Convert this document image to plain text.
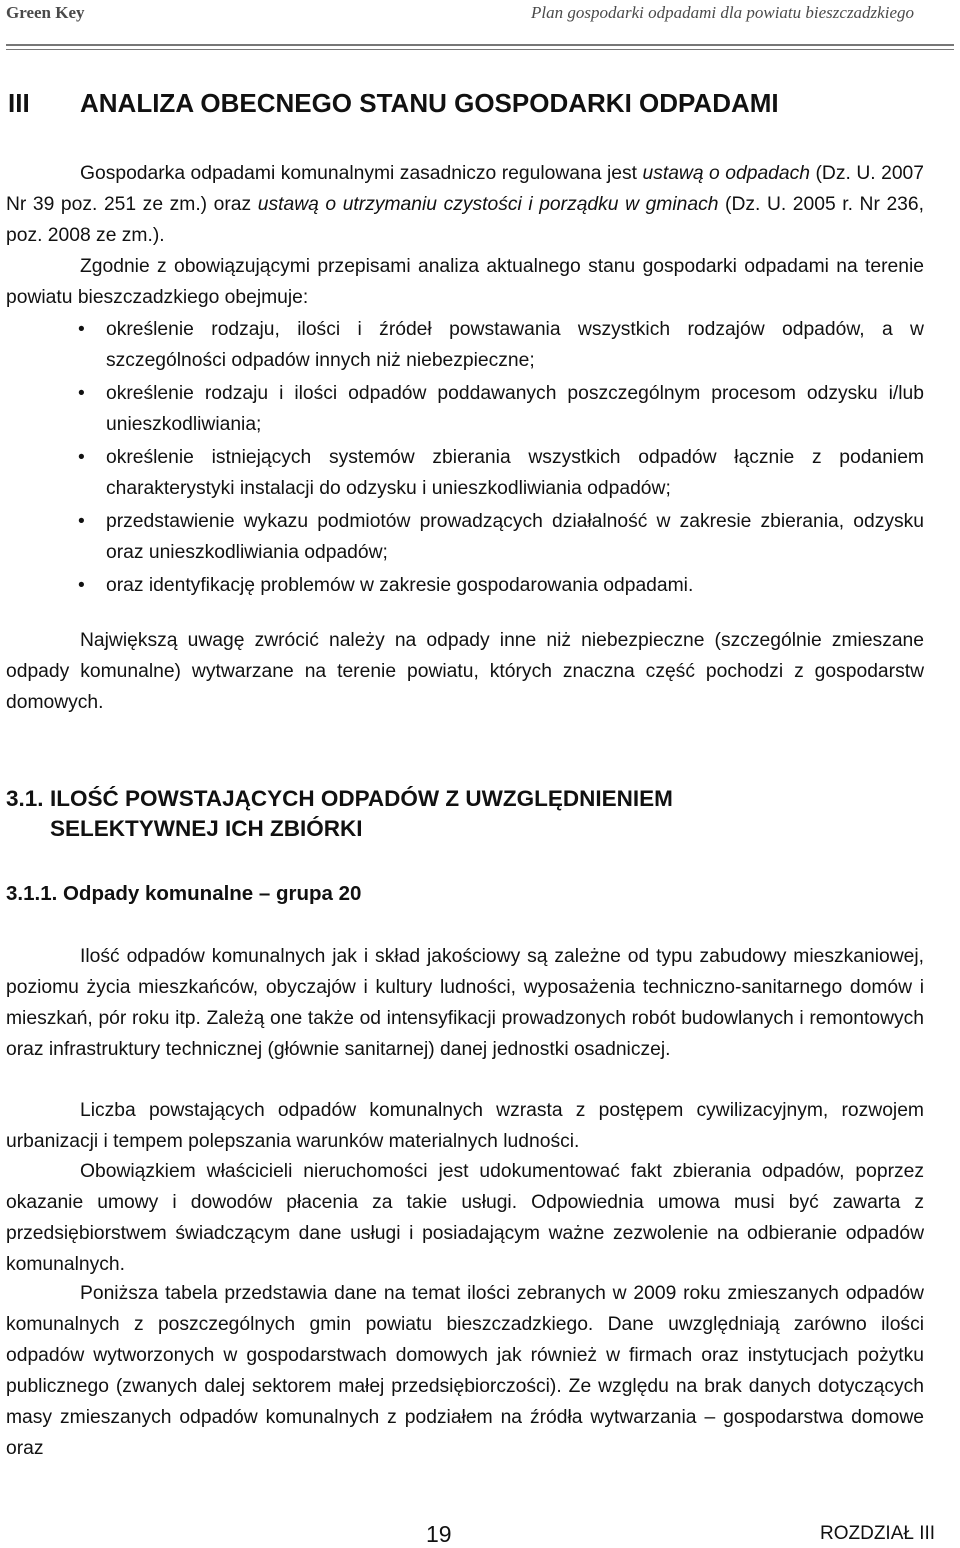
Green Key	Plan gospodarki odpadami dla powiatu bieszczadzkiego
III ANALIZA OBECNEGO STANU GOSPODARKI ODPADAMI

Gospodarka odpadami komunalnymi zasadniczo regulowana jest ustawą o odpadach (Dz. U. 2007 Nr 39 poz. 251 ze zm.) oraz ustawą o utrzymaniu czystości i porządku w gminach (Dz. U. 2005 r. Nr 236, poz. 2008 ze zm.).

Zgodnie z obowiązującymi przepisami analiza aktualnego stanu gospodarki odpadami na terenie powiatu bieszczadzkiego obejmuje:

• określenie rodzaju, ilości i źródeł powstawania wszystkich rodzajów odpadów, a w szczególności odpadów innych niż niebezpieczne;
• określenie rodzaju i ilości odpadów poddawanych poszczególnym procesom odzysku i/lub unieszkodliwiania;
• określenie istniejących systemów zbierania wszystkich odpadów łącznie z podaniem charakterystyki instalacji do odzysku i unieszkodliwiania odpadów;
• przedstawienie wykazu podmiotów prowadzących działalność w zakresie zbierania, odzysku oraz unieszkodliwiania odpadów;
• oraz identyfikację problemów w zakresie gospodarowania odpadami.

Największą uwagę zwrócić należy na odpady inne niż niebezpieczne (szczególnie zmieszane odpady komunalne) wytwarzane na terenie powiatu, których znaczna część pochodzi z gospodarstw domowych.

3.1. ILOŚĆ POWSTAJĄCYCH ODPADÓW Z UWZGLĘDNIENIEM
SELEKTYWNEJ ICH ZBIÓRKI
3.1.1. Odpady komunalne – grupa 20

Ilość odpadów komunalnych jak i skład jakościowy są zależne od typu zabudowy mieszkaniowej, poziomu życia mieszkańców, obyczajów i kultury ludności, wyposażenia techniczno-sanitarnego domów i mieszkań, pór roku itp. Zależą one także od intensyfikacji prowadzonych robót budowlanych i remontowych oraz infrastruktury technicznej (głównie sanitarnej) danej jednostki osadniczej.

Liczba powstających odpadów komunalnych wzrasta z postępem cywilizacyjnym, rozwojem urbanizacji i tempem polepszania warunków materialnych ludności.

Obowiązkiem właścicieli nieruchomości jest udokumentować fakt zbierania odpadów, poprzez okazanie umowy i dowodów płacenia za takie usługi. Odpowiednia umowa musi być zawarta z przedsiębiorstwem świadczącym dane usługi i posiadającym ważne zezwolenie na odbieranie odpadów komunalnych.

Poniższa tabela przedstawia dane na temat ilości zebranych w 2009 roku zmieszanych odpadów komunalnych z poszczególnych gmin powiatu bieszczadzkiego. Dane uwzględniają zarówno ilości odpadów wytworzonych w gospodarstwach domowych jak również w firmach oraz instytucjach pożytku publicznego (zwanych dalej sektorem małej przedsiębiorczości). Ze względu na brak danych dotyczących masy zmieszanych odpadów komunalnych z podziałem na źródła wytwarzania – gospodarstwa domowe oraz

19	ROZDZIAŁ III
